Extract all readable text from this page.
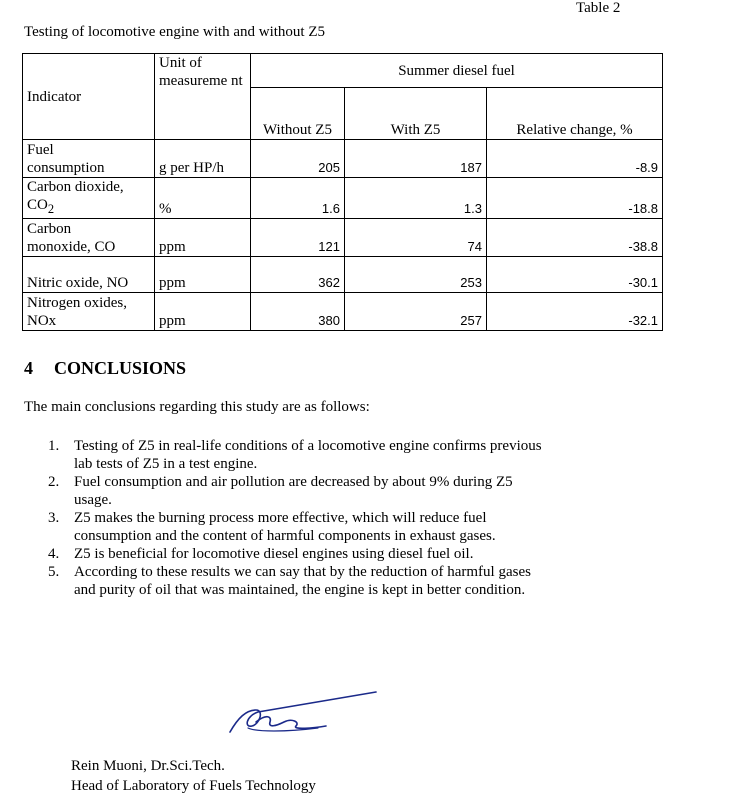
Table 2
Testing of locomotive engine with and without Z5
Indicator	Unit of measureme nt	Summer diesel fuel		
		Without Z5	With Z5	Relative change, %
Fuel
consumption	g per HP/h	205	187	-8.9
Carbon dioxide,
$CO_2$	%	1.6	1.3	-18.8
Carbon
monoxide, CO	ppm	121	74	-38.8
Nitric oxide, NO	ppm	362	253	-30.1
Nitrogen oxides,
NOx	ppm	380	257	-32.1
4 CONCLUSIONS
The main conclusions regarding this study are as follows:
1. Testing of Z5 in real-life conditions of a locomotive engine confirms previous
lab tests of Z5 in a test engine.
2. Fuel consumption and air pollution are decreased by about 9% during Z5
usage.
3. Z5 makes the burning process more effective, which will reduce fuel
consumption and the content of harmful components in exhaust gases.
4. Z5 is beneficial for locomotive diesel engines using diesel fuel oil.
5. According to these results we can say that by the reduction of harmful gases
and purity of oil that was maintained, the engine is kept in better condition.
Rein Muoni, Dr.Sci.Tech.
Head of Laboratory of Fuels Technology
